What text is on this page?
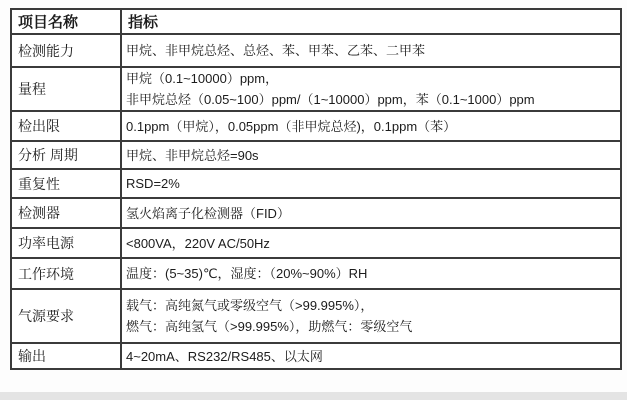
项目名称	指标
检测能力	甲烷、非甲烷总烃、总烃、苯、甲苯、乙苯、二甲苯

量程	甲烷（0.1~10000）ppm，
非甲烷总烃（0.05~100）ppm/（1~10000）ppm，苯（0.1~1000）ppm

检出限	0.1ppm（甲烷），0.05ppm（非甲烷总烃)，0.1ppm（苯）

分析 周期	甲烷、非甲烷总烃=90s

重复性	RSD=2%

检测器	氢火焰离子化检测器（FID）

功率电源	<800VA，220V AC/50Hz

工作环境	温度：(5~35)℃，湿度：（20%~90%）RH

气源要求	载气：高纯氮气或零级空气（>99.995%），
燃气：高纯氢气（>99.995%），助燃气：零级空气

输出	4~20mA、RS232/RS485、以太网
